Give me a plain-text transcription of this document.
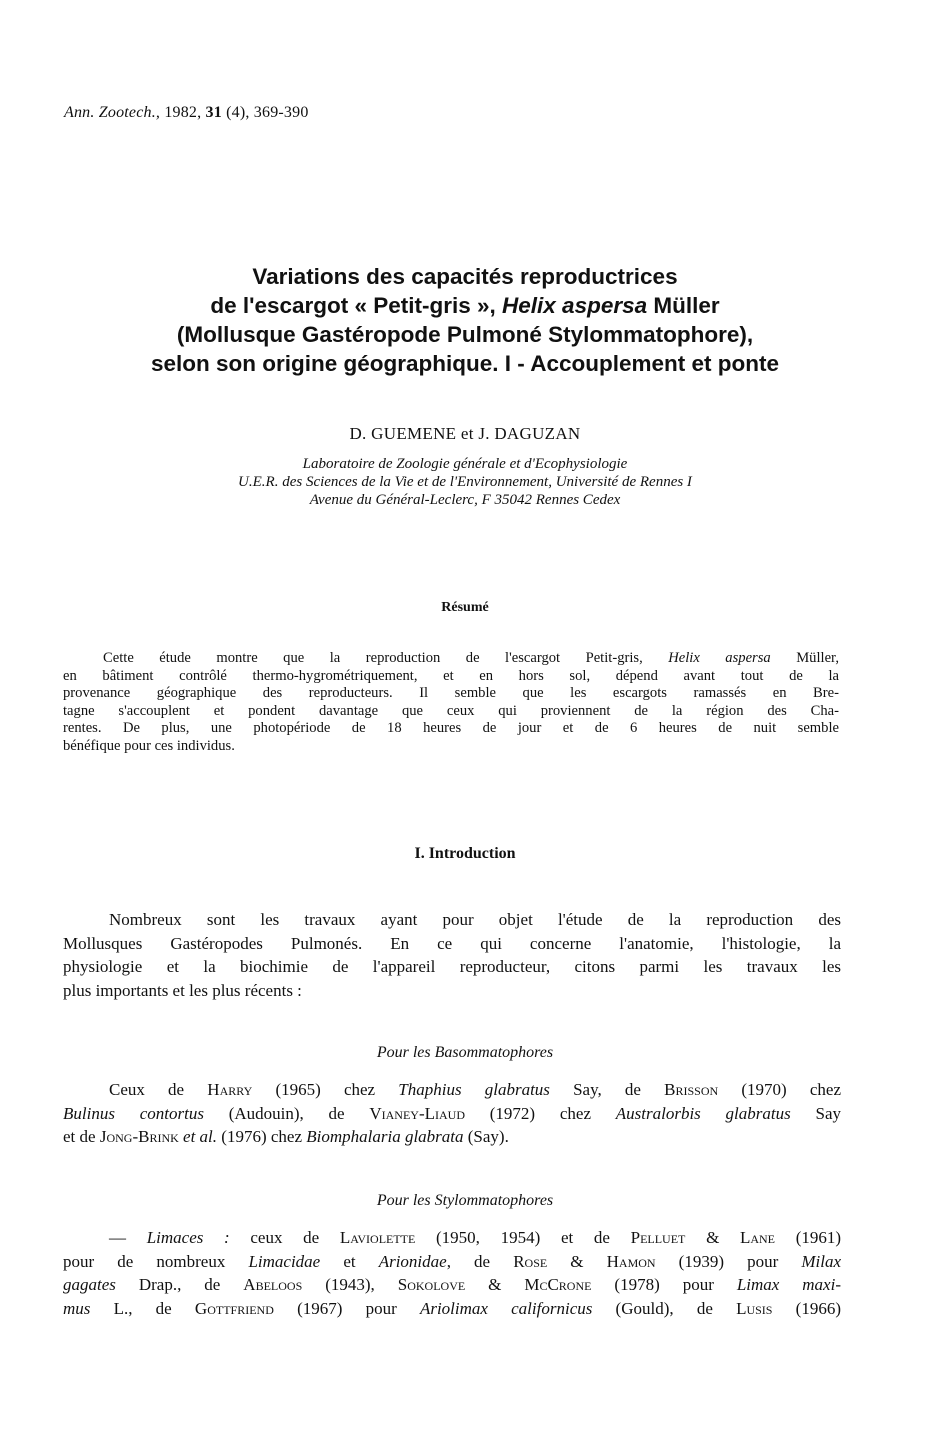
Ann. Zootech., 1982, 31 (4), 369-390
Variations des capacités reproductrices
de l'escargot « Petit-gris », Helix aspersa Müller
(Mollusque Gastéropode Pulmoné Stylommatophore),
selon son origine géographique. I - Accouplement et ponte
D. GUEMENE et J. DAGUZAN
Laboratoire de Zoologie générale et d'Ecophysiologie
U.E.R. des Sciences de la Vie et de l'Environnement, Université de Rennes I
Avenue du Général-Leclerc, F 35042 Rennes Cedex
Résumé

Cette étude montre que la reproduction de l'escargot Petit-gris, Helix aspersa Müller,
en bâtiment contrôlé thermo-hygrométriquement, et en hors sol, dépend avant tout de la
provenance géographique des reproducteurs. Il semble que les escargots ramassés en Bre-
tagne s'accouplent et pondent davantage que ceux qui proviennent de la région des Cha-
rentes. De plus, une photopériode de 18 heures de jour et de 6 heures de nuit semble
bénéfique pour ces individus.

I. Introduction

Nombreux sont les travaux ayant pour objet l'étude de la reproduction des
Mollusques Gastéropodes Pulmonés. En ce qui concerne l'anatomie, l'histologie, la
physiologie et la biochimie de l'appareil reproducteur, citons parmi les travaux les
plus importants et les plus récents :

Pour les Basommatophores

Ceux de Harry (1965) chez Thaphius glabratus Say, de Brisson (1970) chez
Bulinus contortus (Audouin), de Vianey-Liaud (1972) chez Australorbis glabratus Say
et de Jong-Brink et al. (1976) chez Biomphalaria glabrata (Say).

Pour les Stylommatophores

— Limaces : ceux de Laviolette (1950, 1954) et de Pelluet & Lane (1961)
pour de nombreux Limacidae et Arionidae, de Rose & Hamon (1939) pour Milax
gagates Drap., de Abeloos (1943), Sokolove & McCrone (1978) pour Limax maxi-
mus L., de Gottfriend (1967) pour Ariolimax californicus (Gould), de Lusis (1966)
